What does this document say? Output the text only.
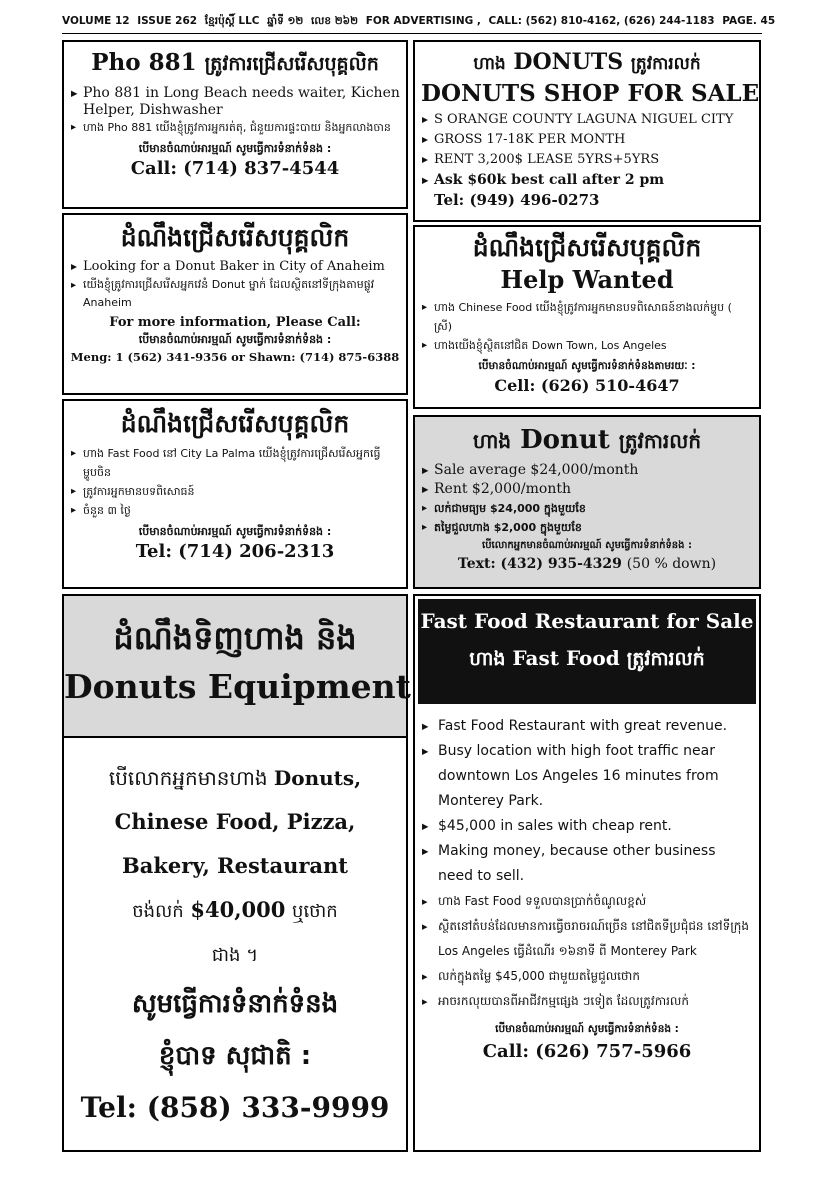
VOLUME 12 ISSUE 262 ខ្មែរប៉ុស្តិ៍ LLC ឆ្នាំទី ១២ លេខ ២៦២ FOR ADVERTISING , CALL: (562) 810-4162, (626) 244-1183 PAGE. 45
Pho 881 ត្រូវការជ្រើសរើសបុគ្គលិក
▶ Pho 881 in Long Beach needs waiter, Kichen Helper, Dishwasher
▶ ហាង Pho 881 យើងខ្ញុំត្រូវការអ្នករត់តុ, ជំនួយការផ្ទះបាយ និងអ្នកលាងចាន
បើមានចំណាប់អារម្មណ៍ សូមធ្វើការទំនាក់ទំនង :
Call: (714) 837-4544
ហាង DONUTS ត្រូវការលក់
DONUTS SHOP FOR SALE
▶ S ORANGE COUNTY LAGUNA NIGUEL CITY
▶ GROSS 17-18K PER MONTH
▶ RENT 3,200$ LEASE 5YRS+5YRS
▶ Ask $60k best call after 2 pm
Tel: (949) 496-0273
ដំណឹងជ្រើសរើសបុគ្គលិក
▶ Looking for a Donut Baker in City of Anaheim
▶ យើងខ្ញុំត្រូវការជ្រើសរើសអ្នកវេនំ Donut ម្នាក់ ដែលស្ថិតនៅទីក្រុងតាមផ្លូវ Anaheim
For more information, Please Call:
បើមានចំណាប់អារម្មណ៍ សូមធ្វើការទំនាក់ទំនង :
Meng: 1 (562) 341-9356 or Shawn: (714) 875-6388
ដំណឹងជ្រើសរើសបុគ្គលិក
Help Wanted
▶ ហាង Chinese Food យើងខ្ញុំត្រូវការអ្នកមានបទពិសោធន៍ខាងលក់ម្ហូប ( ស្រី)
▶ ហាងយើងខ្ញុំស្ថិតនៅជិត Down Town, Los Angeles
បើមានចំណាប់អារម្មណ៍ សូមធ្វើការទំនាក់ទំនងតាមរយៈ :
Cell: (626) 510-4647
ដំណឹងជ្រើសរើសបុគ្គលិក
▶ ហាង Fast Food នៅ City La Palma យើងខ្ញុំត្រូវការជ្រើសរើសអ្នកធ្វើម្ហូបចិន
▶ ត្រូវការអ្នកមានបទពិសោធន៍
▶ ចំនួន ៣ ថ្ងៃ
បើមានចំណាប់អារម្មណ៍ សូមធ្វើការទំនាក់ទំនង :
Tel: (714) 206-2313
ហាង Donut ត្រូវការលក់
▶ Sale average $24,000/month
▶ Rent $2,000/month
▶ លក់ជាមធ្យម $24,000 ក្នុងមួយខែ
▶ តម្លៃជួលហាង $2,000 ក្នុងមួយខែ
បើលោកអ្នកមានចំណាប់អារម្មណ៍ សូមធ្វើការទំនាក់ទំនង :
Text: (432) 935-4329 (50 % down)
ដំណឹងទិញហាង និង
Donuts Equipment
បើលោកអ្នកមានហាង Donuts,
Chinese Food, Pizza,
Bakery, Restaurant
ចង់លក់ $40,000 ឬថោក
ជាង ។
សូមធ្វើការទំនាក់ទំនង
ខ្ញុំបាទ សុជាតិ :
Tel: (858) 333-9999
Fast Food Restaurant for Sale
ហាង Fast Food ត្រូវការលក់
▶ Fast Food Restaurant with great revenue.
▶ Busy location with high foot traffic near downtown Los Angeles 16 minutes from Monterey Park.
▶ $45,000 in sales with cheap rent.
▶ Making money, because other business need to sell.
▶ ហាង Fast Food ទទួលបានប្រាក់ចំណូលខ្ពស់
▶ ស្ថិតនៅតំបន់ដែលមានការធ្វើចរាចរណ៍ច្រើន នៅជិតទីប្រជុំជន នៅទីក្រុង Los Angeles ធ្វើដំណើរ ១៦នាទី ពី Monterey Park
▶ លក់ក្នុងតម្លៃ $45,000 ជាមួយតម្លៃជួលថោក
▶ អាចរកលុយបានពីអាជីវកម្មផ្សេង ៗទៀត ដែលត្រូវការលក់
បើមានចំណាប់អារម្មណ៍ សូមធ្វើការទំនាក់ទំនង :
Call: (626) 757-5966
